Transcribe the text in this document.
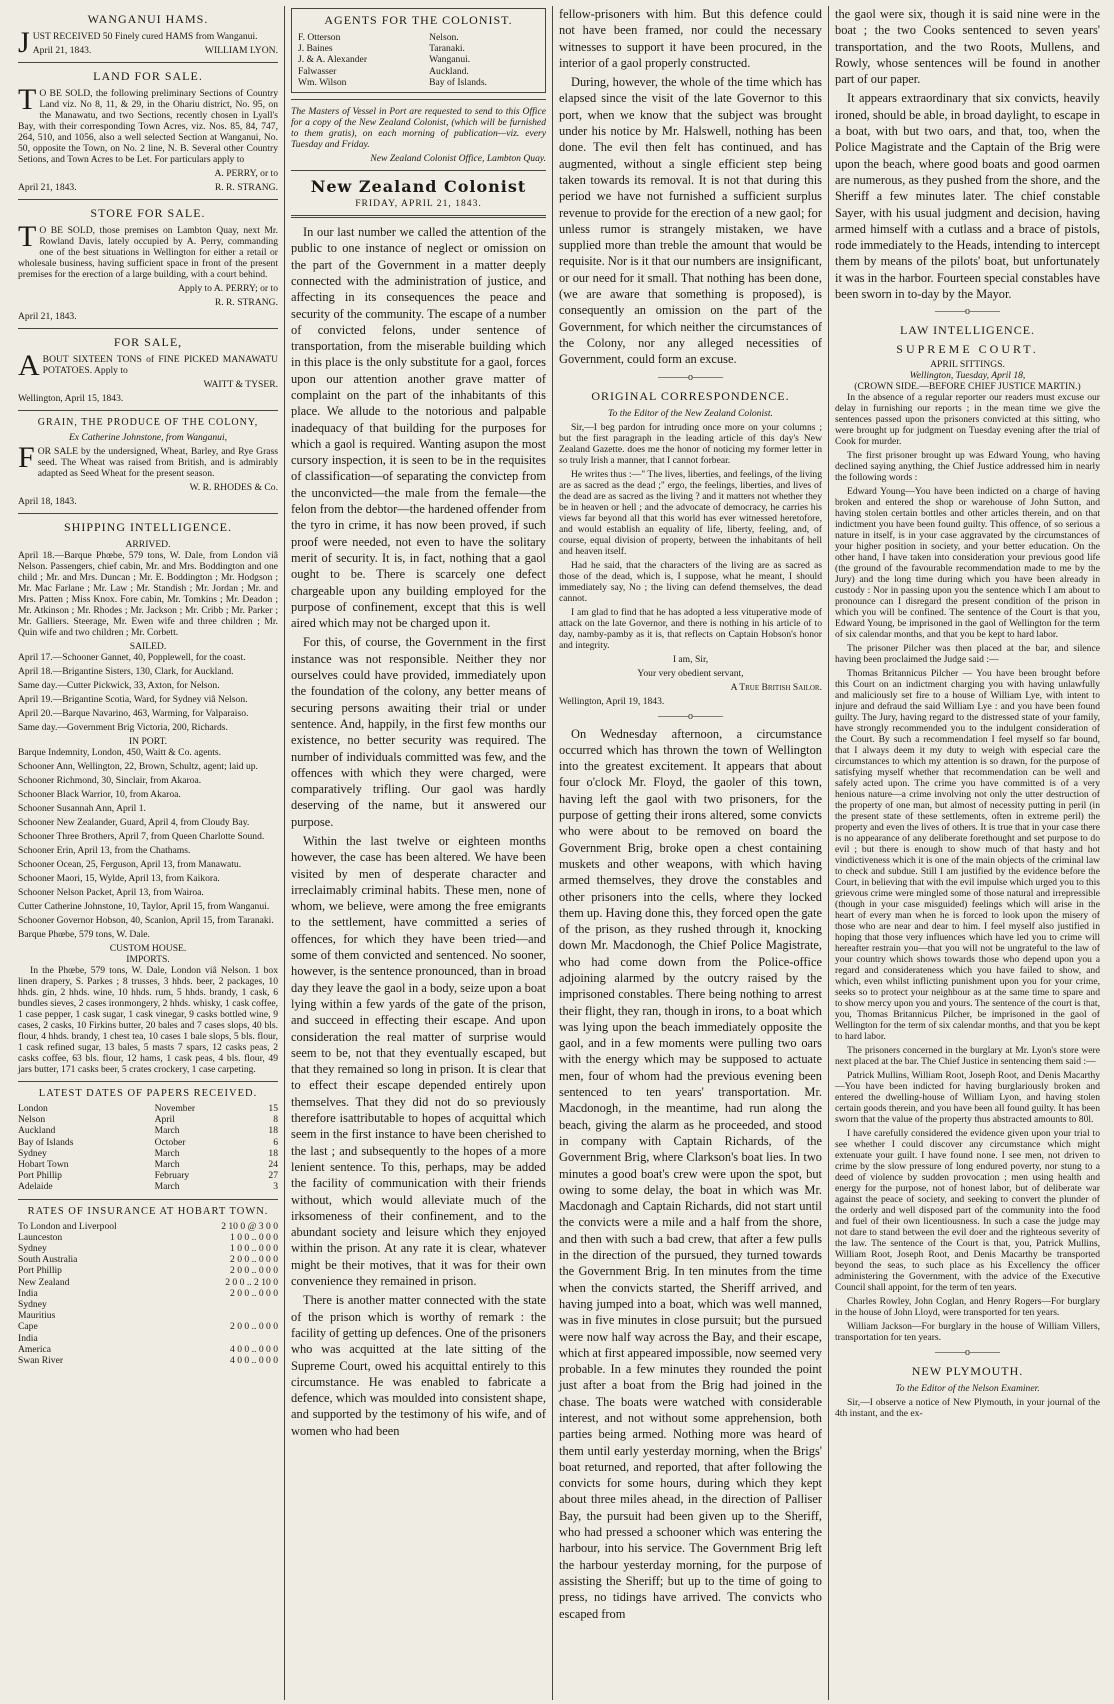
WANGANUI HAMS.

JUST RECEIVED 50 Finely cured HAMS from Wanganui.

April 21, 1843.	WILLIAM LYON.
LAND FOR SALE.

TO BE SOLD, the following preliminary Sections of Country Land viz. No 8, 11, & 29, in the Ohariu district, No. 95, on the Manawatu, and two Sections, recently chosen in Lyall's Bay, with their corresponding Town Acres, viz. Nos. 85, 84, 747, 264, 510, and 1056, also a well selected Section at Wanganui, No. 50, opposite the Town, on No. 2 line, N. B. Several other Country Setions, and Town Acres to be Let. For particulars apply to

A. PERRY, or to

April 21, 1843.	R. R. STRANG.
STORE FOR SALE.

TO BE SOLD, those premises on Lambton Quay, next Mr. Rowland Davis, lately occupied by A. Perry, commanding one of the best situations in Wellington for either a retail or wholesale business, having sufficient space in front of the present premises for the erection of a large building, with a court behind.

Apply to A. PERRY; or to

R. R. STRANG.

April 21, 1843.

FOR SALE,

ABOUT SIXTEEN TONS of FINE PICKED MANAWATU POTATOES. Apply to

WAITT & TYSER.

Wellington, April 15, 1843.

GRAIN, THE PRODUCE OF THE COLONY,

Ex Catherine Johnstone, from Wanganui,

FOR SALE by the undersigned, Wheat, Barley, and Rye Grass seed. The Wheat was raised from British, and is admirably adapted as Seed Wheat for the present season.

W. R. RHODES & Co.

April 18, 1843.

SHIPPING INTELLIGENCE.
ARRIVED.

April 18.—Barque Phœbe, 579 tons, W. Dale, from London viâ Nelson. Passengers, chief cabin, Mr. and Mrs. Boddington and one child ; Mr. and Mrs. Duncan ; Mr. E. Boddington ; Mr. Hodgson ; Mr. Mac Farlane ; Mr. Law ; Mr. Standish ; Mr. Jordan ; Mr. and Mrs. Patten ; Miss Knox. Fore cabin, Mr. Tomkins ; Mr. Deadon ; Mr. Atkinson ; Mr. Rhodes ; Mr. Jackson ; Mr. Cribb ; Mr. Parker ; Mr. Galliers. Steerage, Mr. Ewen wife and three children ; Mr. Quin wife and two children ; Mr. Corbett.

SAILED.

April 17.—Schooner Gannet, 40, Popplewell, for the coast.

April 18.—Brigantine Sisters, 130, Clark, for Auckland.

Same day.—Cutter Pickwick, 33, Axton, for Nelson.

April 19.—Brigantine Scotia, Ward, for Sydney viâ Nelson.

April 20.—Barque Navarino, 463, Warming, for Valparaiso.

Same day.—Government Brig Victoria, 200, Richards.

IN PORT.

Barque Indemnity, London, 450, Waitt & Co. agents.

Schooner Ann, Wellington, 22, Brown, Schultz, agent; laid up.

Schooner Richmond, 30, Sinclair, from Akaroa.

Schooner Black Warrior, 10, from Akaroa.

Schooner Susannah Ann, April 1.

Schooner New Zealander, Guard, April 4, from Cloudy Bay.

Schooner Three Brothers, April 7, from Queen Charlotte Sound.

Schooner Erin, April 13, from the Chathams.

Schooner Ocean, 25, Ferguson, April 13, from Manawatu.

Schooner Maori, 15, Wylde, April 13, from Kaikora.

Schooner Nelson Packet, April 13, from Wairoa.

Cutter Catherine Johnstone, 10, Taylor, April 15, from Wanganui.

Schooner Governor Hobson, 40, Scanlon, April 15, from Taranaki.

Barque Phœbe, 579 tons, W. Dale.

CUSTOM HOUSE.
IMPORTS.

In the Phœbe, 579 tons, W. Dale, London viâ Nelson. 1 box linen drapery, S. Parkes ; 8 trusses, 3 hhds. beer, 2 packages, 10 hhds. gin, 2 hhds. wine, 10 hhds. rum, 5 hhds. brandy, 1 cask, 6 bundles sieves, 2 cases ironmongery, 2 hhds. whisky, 1 cask coffee, 1 case pepper, 1 cask sugar, 1 cask vinegar, 9 casks bottled wine, 9 cases, 2 casks, 10 Firkins butter, 20 bales and 7 cases slops, 40 bls. flour, 4 hhds. brandy, 1 chest tea, 10 cases 1 bale slops, 5 bls. flour, 1 cask refined sugar, 13 bales, 5 masts 7 spars, 12 casks peas, 2 casks coffee, 63 bls. flour, 12 hams, 1 cask peas, 4 bls. flour, 49 jars butter, 171 casks beer, 5 crates crockery, 1 case carpeting.

LATEST DATES OF PAPERS RECEIVED.
London	November	15
Nelson	April	8
Auckland	March	18
Bay of Islands	October	6
Sydney	March	18
Hobart Town	March	24
Port Phillip	February	27
Adelaide	March	3
RATES OF INSURANCE AT HOBART TOWN.
To London and Liverpool	2 10 0 @ 3 0 0
Launceston	1 0 0 .. 0 0 0
Sydney	1 0 0 .. 0 0 0
South Australia	2 0 0 .. 0 0 0
Port Phillip	2 0 0 .. 0 0 0
New Zealand	2 0 0 .. 2 10 0
India	2 0 0 .. 0 0 0
Sydney	
Mauritius	
Cape	2 0 0 .. 0 0 0
India	
America	4 0 0 .. 0 0 0
Swan River	4 0 0 .. 0 0 0
AGENTS FOR THE COLONIST.
F. Otterson	Nelson.
J. Baines	Taranaki.
J. & A. Alexander	Wanganui.
Falwasser	Auckland.
Wm. Wilson	Bay of Islands.

The Masters of Vessel in Port are requested to send to this Office for a copy of the New Zealand Colonist, (which will be furnished to them gratis), on each morning of publication—viz. every Tuesday and Friday.

New Zealand Colonist Office, Lambton Quay.

New Zealand Colonist
FRIDAY, APRIL 21, 1843.

In our last number we called the attention of the public to one instance of neglect or omission on the part of the Government in a matter deeply connected with the administration of justice, and affecting in its consequences the peace and security of the community. The escape of a number of convicted felons, under sentence of transportation, from the miserable building which in this place is the only substitute for a gaol, forces upon our attention another grave matter of complaint on the part of the inhabitants of this place. We allude to the notorious and palpable inadequacy of that building for the purposes for which a gaol is required. Wanting asupon the most cursory inspection, it is seen to be in the requisites of classification—of separating the convictep from the unconvicted—the male from the female—the felon from the debtor—the hardened offender from the tyro in crime, it has now been proved, if such proof were needed, not even to have the solitary merit of security. It is, in fact, nothing that a gaol ought to be. There is scarcely one defect chargeable upon any building employed for the purpose of confinement, except that this is well aired which may not be charged upon it.

For this, of course, the Government in the first instance was not responsible. Neither they nor ourselves could have provided, immediately upon the foundation of the colony, any better means of securing persons awaiting their trial or under sentence. And, happily, in the first few months our existence, no better security was required. The number of individuals committed was few, and the offences with which they were charged, were comparatively trifling. Our gaol was hardly deserving of the name, but it answered our purpose.

Within the last twelve or eighteen months however, the case has been altered. We have been visited by men of desperate character and irreclaimably criminal habits. These men, none of whom, we believe, were among the free emigrants to the settlement, have committed a series of offences, for which they have been tried—and some of them convicted and sentenced. No sooner, however, is the sentence pronounced, than in broad day they leave the gaol in a body, seize upon a boat lying within a few yards of the gate of the prison, and succeed in effecting their escape. And upon consideration the real matter of surprise would seem to be, not that they eventually escaped, but that they remained so long in prison. It is clear that to effect their escape depended entirely upon themselves. That they did not do so previously therefore isattributable to hopes of acquittal which seem in the first instance to have been cherished to the last ; and subsequently to the hopes of a more lenient sentence. To this, perhaps, may be added the facility of communication with their friends without, which would alleviate much of the irksomeness of their confinement, and to the abundant society and leisure which they enjoyed within the prison. At any rate it is clear, whatever might be their motives, that it was for their own convenience they remained in prison.

There is another matter connected with the state of the prison which is worthy of remark : the facility of getting up defences. One of the prisoners who was acquitted at the late sitting of the Supreme Court, owed his acquittal entirely to this circumstance. He was enabled to fabricate a defence, which was moulded into consistent shape, and supported by the testimony of his wife, and of women who had been

fellow-prisoners with him. But this defence could not have been framed, nor could the necessary witnesses to support it have been procured, in the interior of a gaol properly constructed.

During, however, the whole of the time which has elapsed since the visit of the late Governor to this port, when we know that the subject was brought under his notice by Mr. Halswell, nothing has been done. The evil then felt has continued, and has augmented, without a single efficient step being taken towards its removal. It is not that during this period we have not furnished a sufficient surplus revenue to provide for the erection of a new gaol; for unless rumor is strangely mistaken, we have supplied more than treble the amount that would be requisite. Nor is it that our numbers are insignificant, or our need for it small. That nothing has been done, (we are aware that something is proposed), is consequently an omission on the part of the Government, for which neither the circumstances of the Colony, nor any alleged necessities of Government, could form an excuse.

———o———
ORIGINAL CORRESPONDENCE.

To the Editor of the New Zealand Colonist.

Sir,—I beg pardon for intruding once more on your columns ; but the first paragraph in the leading article of this day's New Zealand Gazette. does me the honor of noticing my former letter in so truly Irish a manner, that I cannot forbear.

He writes thus :—" The lives, liberties, and feelings, of the living are as sacred as the dead ;" ergo, the feelings, liberties, and lives of the dead are as sacred as the living ? and it matters not whether they be in heaven or hell ; and the advocate of democracy, he carries his views far beyond all that this world has ever witnessed heretofore, and would establish an equality of life, liberty, feeling, and, of course, equal division of property, between the inhabitants of hell and heaven itself.

Had he said, that the characters of the living are as sacred as those of the dead, which is, I suppose, what he meant, I should immediately say, No ; the living can defend themselves, the dead cannot.

I am glad to find that he has adopted a less vituperative mode of attack on the late Governor, and there is nothing in his article of to day, namby-pamby as it is, that reflects on Captain Hobson's honor and integrity.

I am, Sir,

Your very obedient servant,

A True British Sailor.

Wellington, April 19, 1843.

———o———

On Wednesday afternoon, a circumstance occurred which has thrown the town of Wellington into the greatest excitement. It appears that about four o'clock Mr. Floyd, the gaoler of this town, having left the gaol with two prisoners, for the purpose of getting their irons altered, some convicts who were about to be removed on board the Government Brig, broke open a chest containing muskets and other weapons, with which having armed themselves, they drove the constables and other prisoners into the cells, where they locked them up. Having done this, they forced open the gate of the prison, as they rushed through it, knocking down Mr. Macdonogh, the Chief Police Magistrate, who had come down from the Police-office adjoining alarmed by the outcry raised by the imprisoned constables. There being nothing to arrest their flight, they ran, though in irons, to a boat which was lying upon the beach immediately opposite the gaol, and in a few moments were pulling two oars with the energy which may be supposed to actuate men, four of whom had the previous evening been sentenced to ten years' transportation. Mr. Macdonogh, in the meantime, had run along the beach, giving the alarm as he proceeded, and stood in company with Captain Richards, of the Government Brig, where Clarkson's boat lies. In two minutes a good boat's crew were upon the spot, but owing to some delay, the boat in which was Mr. Macdonagh and Captain Richards, did not start until the convicts were a mile and a half from the shore, and then with such a bad crew, that after a few pulls in the direction of the pursued, they turned towards the Government Brig. In ten minutes from the time when the convicts started, the Sheriff arrived, and having jumped into a boat, which was well manned, was in five minutes in close pursuit; but the pursued were now half way across the Bay, and their escape, which at first appeared impossible, now seemed very probable. In a few minutes they rounded the point just after a boat from the Brig had joined in the chase. The boats were watched with considerable interest, and not without some apprehension, both parties being armed. Nothing more was heard of them until early yesterday morning, when the Brigs' boat returned, and reported, that after following the convicts for some hours, during which they kept about three miles ahead, in the direction of Palliser Bay, the pursuit had been given up to the Sheriff, who had pressed a schooner which was entering the harbour, into his service. The Government Brig left the harbour yesterday morning, for the purpose of assisting the Sheriff; but up to the time of going to press, no tidings have arrived. The convicts who escaped from

the gaol were six, though it is said nine were in the boat ; the two Cooks sentenced to seven years' transportation, and the two Roots, Mullens, and Rowly, whose sentences will be found in another part of our paper.

It appears extraordinary that six convicts, heavily ironed, should be able, in broad daylight, to escape in a boat, with but two oars, and that, too, when the Police Magistrate and the Captain of the Brig were upon the beach, where good boats and good oarmen are numerous, as they pushed from the shore, and the Sheriff a few minutes later. The chief constable Sayer, with his usual judgment and decision, having armed himself with a cutlass and a brace of pistols, rode immediately to the Heads, intending to intercept them by means of the pilots' boat, but unfortunately it was in the harbor. Fourteen special constables have been sworn in to-day by the Mayor.

———o———
LAW INTELLIGENCE.
SUPREME COURT.
APRIL SITTINGS.
Wellington, Tuesday, April 18,
(CROWN SIDE.—BEFORE CHIEF JUSTICE MARTIN.)

In the absence of a regular reporter our readers must excuse our delay in furnishing our reports ; in the mean time we give the sentences passed upon the prisoners convicted at this sitting, who were brought up for judgment on Tuesday evening after the trial of Cook for murder.

The first prisoner brought up was Edward Young, who having declined saying anything, the Chief Justice addressed him in nearly the following words :

Edward Young—You have been indicted on a charge of having broken and entered the shop or warehouse of John Sutton, and having stolen certain bottles and other articles therein, and on that indictment you have been found guilty. This offence, of so serious a nature in itself, is in your case aggravated by the circumstances of your higher position in society, and your better education. On the other hand, I have taken into consideration your previous good life (the ground of the favourable recommendation made to me by the Jury) and the long time during which you have been already in custody : Nor in passing upon you the sentence which I am about to pronounce can I disregard the present condition of the prison in which you will be confined. The sentence of the Court is that you, Edward Young, be imprisoned in the gaol of Wellington for the term of six calendar months, and that you be kept to hard labor.

The prisoner Pilcher was then placed at the bar, and silence having been proclaimed the Judge said :—

Thomas Britannicus Pilcher — You have been brought before this Court on an indictment charging you with having unlawfully and maliciously set fire to a house of William Lye, with intent to injure and defraud the said William Lye : and you have been found guilty. The Jury, having regard to the distressed state of your family, have strongly recommended you to the indulgent consideration of the Court. By such a recommendation I feel myself so far bound, that I always deem it my duty to weigh with especial care the circumstances to which my attention is so drawn, for the purpose of satisfying myself whether that recommendation can be well and safely acted upon. The crime you have committed is of a very henious nature—a crime involving not only the utter destruction of the property of one man, but almost of necessity putting in peril (in the present state of these settlements, often in extreme peril) the property and even the lives of others. It is true that in your case there is no appearance of any deliberate forethought and set purpose to do evil ; but there is enough to show much of that hasty and hot vindictiveness which it is one of the main objects of the criminal law to check and subdue. Still I am justified by the evidence before the Court, in believing that with the evil impulse which urged you to this grievous crime were mingled some of those natural and irrepressible (though in your case misguided) feelings which will arise in the heart of every man when he is forced to look upon the misery of those who are near and dear to him. I feel myself also justified in hoping that those very influences which have led you to crime will hereafter restrain you—that you will not be ungrateful to the law of your country which shows towards those who depend upon you a regard and considerateness which you have failed to show, and which, even whilst inflicting punishment upon you for your crime, seeks so to protect your neighbour as at the same time to spare and to show mercy upon you and yours. The sentence of the court is that, you, Thomas Britannicus Pilcher, be imprisoned in the gaol of Wellington for the term of six calendar months, and that you be kept to hard labor.

The prisoners concerned in the burglary at Mr. Lyon's store were next placed at the bar. The Chief Justice in sentencing them said :—

Patrick Mullins, William Root, Joseph Root, and Denis Macarthy—You have been indicted for having burglariously broken and entered the dwelling-house of William Lyon, and having stolen certain goods therein, and you have been all found guilty. It has been sworn that the value of the property thus abstracted amounts to 80l.

I have carefully considered the evidence given upon your trial to see whether I could discover any circumstance which might extenuate your guilt. I have found none. I see men, not driven to crime by the slow pressure of long endured poverty, nor stung to a deed of violence by sudden provocation ; men using health and energy for the purpose, not of honest labor, but of deliberate war against the peace of society, and seeking to convert the plunder of the orderly and well disposed part of the community into the food and fuel of their own licentiousness. In such a case the judge may not dare to stand between the evil doer and the righteous severity of the law. The sentence of the Court is that, you, Patrick Mullins, William Root, Joseph Root, and Denis Macarthy be transported beyond the seas, to such place as his Excellency the officer administering the Government, with the advice of the Executive Council shall appoint, for the term of ten years.

Charles Rowley, John Coglan, and Henry Rogers—For burglary in the house of John Lloyd, were transported for ten years.

William Jackson—For burglary in the house of William Villers, transportation for ten years.

———o———
NEW PLYMOUTH.

To the Editor of the Nelson Examiner.

Sir,—I observe a notice of New Plymouth, in your journal of the 4th instant, and the ex-
